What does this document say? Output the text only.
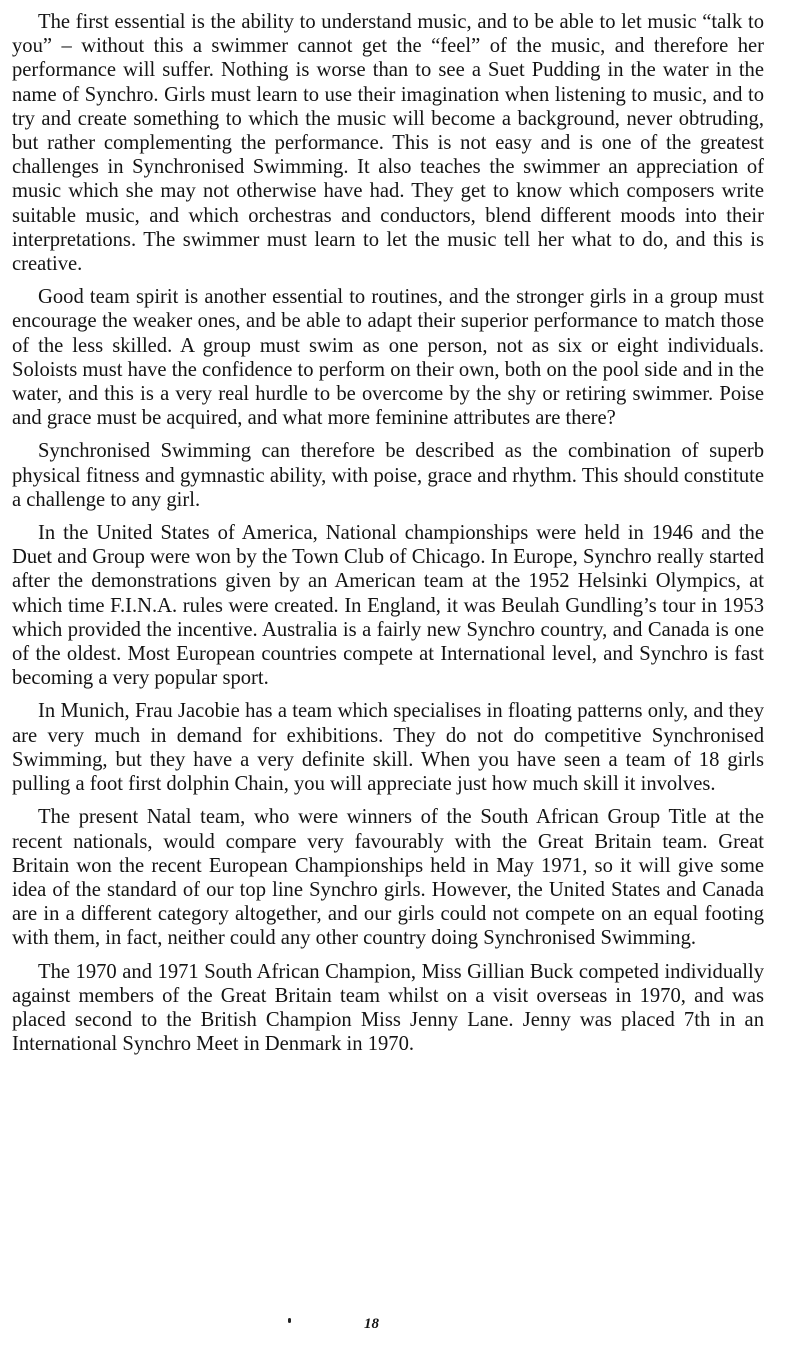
The first essential is the ability to understand music, and to be able to let music “talk to you” – without this a swimmer cannot get the “feel” of the music, and therefore her performance will suffer. Nothing is worse than to see a Suet Pudding in the water in the name of Synchro. Girls must learn to use their imagination when listening to music, and to try and create something to which the music will become a background, never obtruding, but rather complementing the performance. This is not easy and is one of the greatest challenges in Synchronised Swimming. It also teaches the swimmer an appreciation of music which she may not otherwise have had. They get to know which composers write suitable music, and which orchestras and conductors, blend different moods into their interpretations. The swimmer must learn to let the music tell her what to do, and this is creative.

Good team spirit is another essential to routines, and the stronger girls in a group must encourage the weaker ones, and be able to adapt their superior performance to match those of the less skilled. A group must swim as one person, not as six or eight individuals. Soloists must have the confidence to perform on their own, both on the pool side and in the water, and this is a very real hurdle to be overcome by the shy or retiring swimmer. Poise and grace must be acquired, and what more feminine attributes are there?

Synchronised Swimming can therefore be described as the combination of superb physical fitness and gymnastic ability, with poise, grace and rhythm. This should constitute a challenge to any girl.

In the United States of America, National championships were held in 1946 and the Duet and Group were won by the Town Club of Chicago. In Europe, Synchro really started after the demonstrations given by an American team at the 1952 Helsinki Olympics, at which time F.I.N.A. rules were created. In England, it was Beulah Gundling’s tour in 1953 which provided the incentive. Australia is a fairly new Synchro country, and Canada is one of the oldest. Most European countries compete at International level, and Synchro is fast becoming a very popular sport.

In Munich, Frau Jacobie has a team which specialises in floating patterns only, and they are very much in demand for exhibitions. They do not do competitive Synchronised Swimming, but they have a very definite skill. When you have seen a team of 18 girls pulling a foot first dolphin Chain, you will appreciate just how much skill it involves.

The present Natal team, who were winners of the South African Group Title at the recent nationals, would compare very favourably with the Great Britain team. Great Britain won the recent European Championships held in May 1971, so it will give some idea of the standard of our top line Synchro girls. However, the United States and Canada are in a different category altogether, and our girls could not compete on an equal footing with them, in fact, neither could any other country doing Synchronised Swimming.

The 1970 and 1971 South African Champion, Miss Gillian Buck competed individually against members of the Great Britain team whilst on a visit overseas in 1970, and was placed second to the British Champion Miss Jenny Lane. Jenny was placed 7th in an International Synchro Meet in Denmark in 1970.

18
